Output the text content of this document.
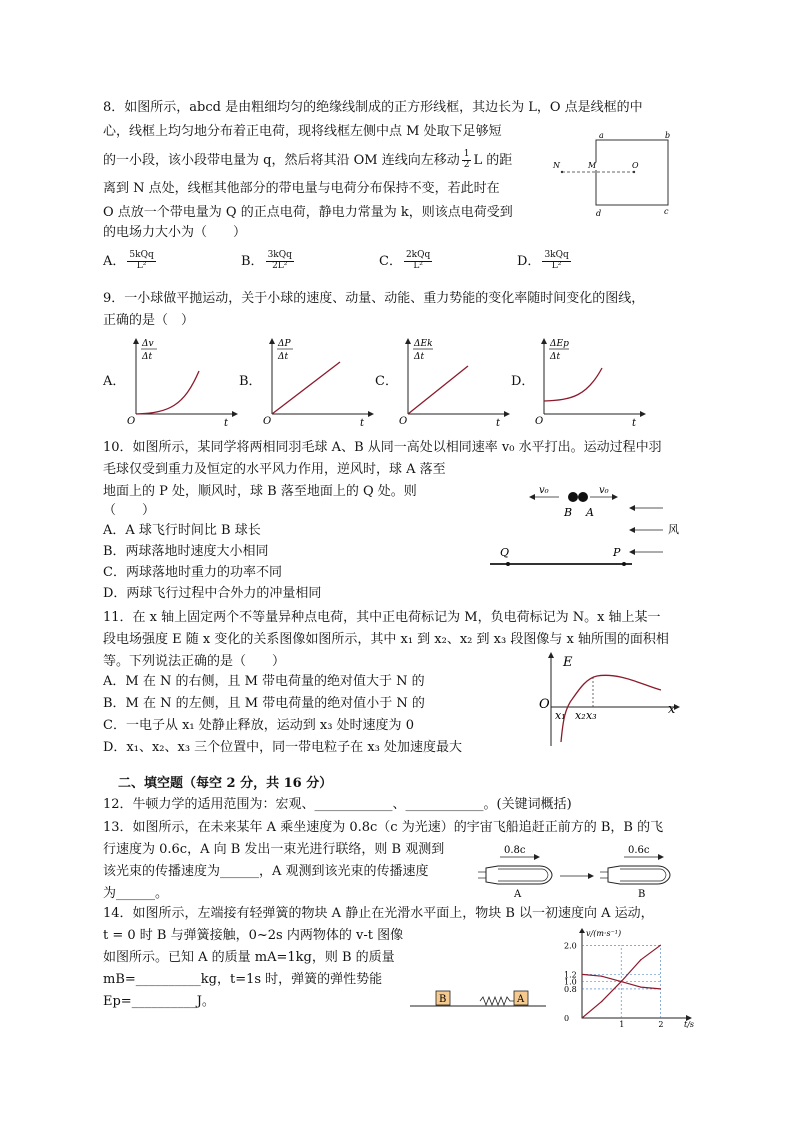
8．如图所示，abcd 是由粗细均匀的绝缘线制成的正方形线框，其边长为 L，O 点是线框的中
心，线框上均匀地分布着正电荷，现将线框左侧中点 M 处取下足够短
的一小段，该小段带电量为 q，然后将其沿 OM 连线向左移动 $\frac{1}{2}$ L 的距
离到 N 点处，线框其他部分的带电量与电荷分布保持不变，若此时在
O 点放一个带电量为 Q 的正点电荷，静电力常量为 k，则该点电荷受到
的电场力大小为（　　）
A． $\frac{\text{5kQq}}{\text{L²}}$	B． $\frac{\text{3kQq}}{\text{2L²}}$	C． $\frac{\text{2kQq}}{\text{L²}}$	D． $\frac{\text{3kQq}}{\text{L²}}$
a	b
d	c
N	M	O
9．一小球做平抛运动，关于小球的速度、动量、动能、重力势能的变化率随时间变化的图线，
正确的是（　）
A．
Δv
Δt
O	t
B．
ΔP
Δt
O	t
C．
ΔEk
Δt
O	t
D．
ΔEp
Δt
O	t
10．如图所示，某同学将两相同羽毛球 A、B 从同一高处以相同速率 v₀ 水平打出。运动过程中羽
毛球仅受到重力及恒定的水平风力作用，逆风时，球 A 落至
地面上的 P 处，顺风时，球 B 落至地面上的 Q 处。则
（　　）
A．A 球飞行时间比 B 球长
B．两球落地时速度大小相同
C．两球落地时重力的功率不同
D．两球飞行过程中合外力的冲量相同
v₀	v₀
B A
风
Q	P
11．在 x 轴上固定两个不等量异种点电荷，其中正电荷标记为 M，负电荷标记为 N。x 轴上某一
段电场强度 E 随 x 变化的关系图像如图所示，其中 x₁ 到 x₂、x₂ 到 x₃ 段图像与 x 轴所围的面积相
等。下列说法正确的是（　　）
A．M 在 N 的右侧，且 M 带电荷量的绝对值大于 N 的
B．M 在 N 的左侧，且 M 带电荷量的绝对值小于 N 的
C．一电子从 x₁ 处静止释放，运动到 x₃ 处时速度为 0
D．x₁、x₂、x₃ 三个位置中，同一带电粒子在 x₃ 处加速度最大
E
O	x
x₁ x₂ x₃
二、填空题（每空 2 分，共 16 分）
12．牛顿力学的适用范围为：宏观、____________、____________。(关键词概括)
13．如图所示，在未来某年 A 乘坐速度为 0.8c（c 为光速）的宇宙飞船追赶正前方的 B，B 的飞
行速度为 0.6c，A 向 B 发出一束光进行联络，则 B 观测到
该光束的传播速度为______，A 观测到该光束的传播速度
为______。
0.8c
A
0.6c
B
14．如图所示，左端接有轻弹簧的物块 A 静止在光滑水平面上，物块 B 以一初速度向 A 运动，
t = 0 时 B 与弹簧接触，0~2s 内两物体的 v-t 图像
如图所示。已知 A 的质量 mA=1kg，则 B 的质量
mB=__________kg，t=1s 时，弹簧的弹性势能
Ep=__________J。	B	A
2.0
1.2
1.0
0.8
0
1	2
v/(m·s⁻¹)
t/s
